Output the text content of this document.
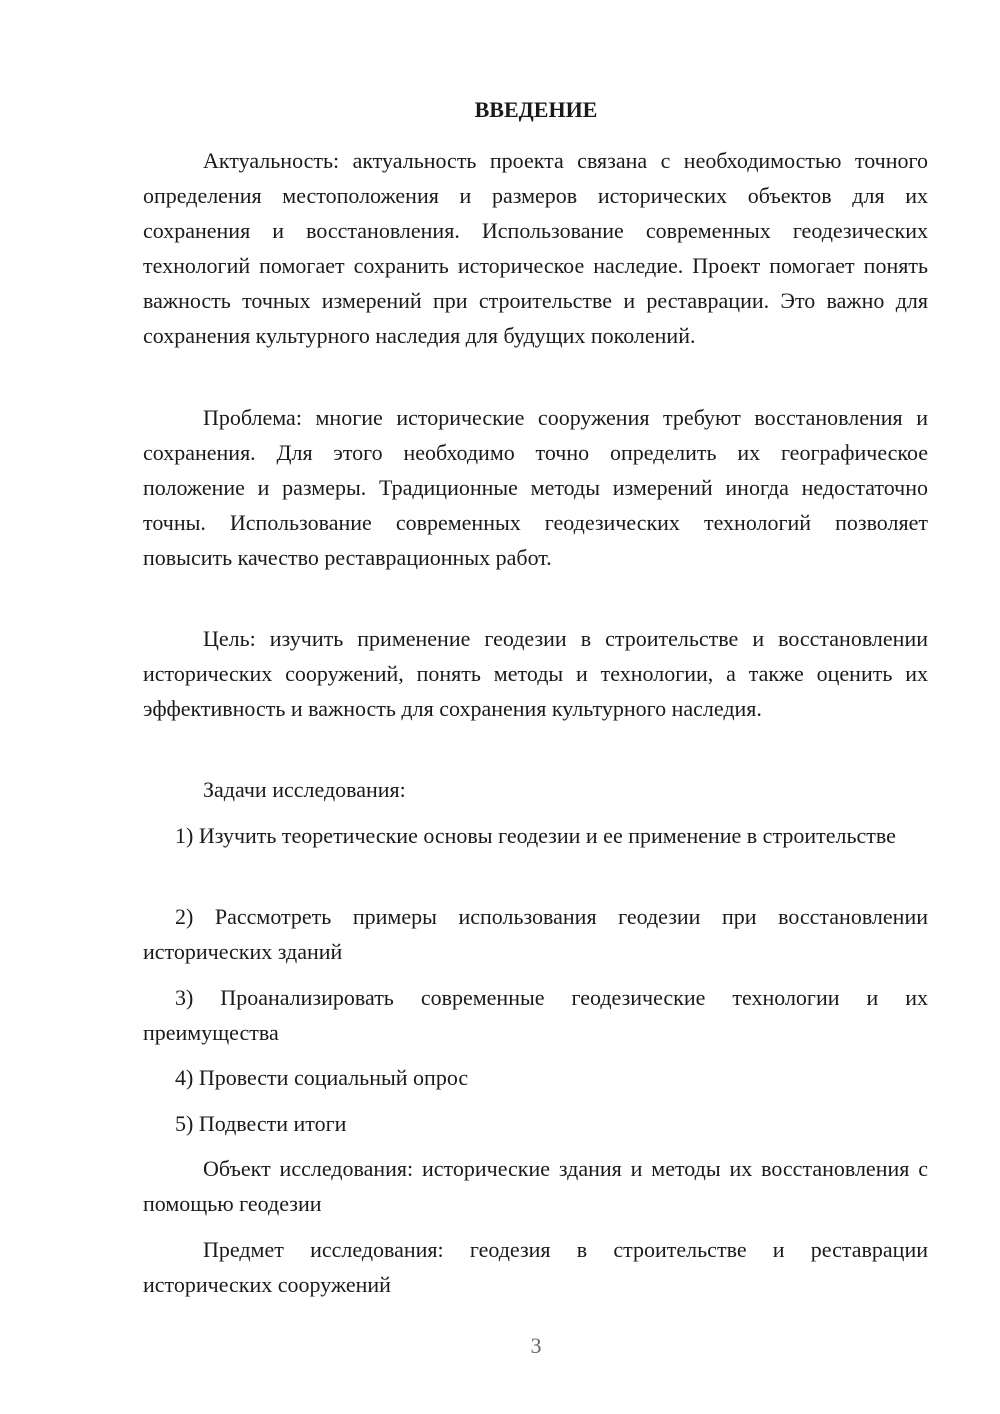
ВВЕДЕНИЕ

Актуальность: актуальность проекта связана с необходимостью точного определения местоположения и размеров исторических объектов для их сохранения и восстановления. Использование современных геодезических технологий помогает сохранить историческое наследие. Проект помогает понять важность точных измерений при строительстве и реставрации. Это важно для сохранения культурного наследия для будущих поколений.

Проблема: многие исторические сооружения требуют восстановления и сохранения. Для этого необходимо точно определить их географическое положение и размеры. Традиционные методы измерений иногда недостаточно точны. Использование современных геодезических технологий позволяет повысить качество реставрационных работ.

Цель: изучить применение геодезии в строительстве и восстановлении исторических сооружений, понять методы и технологии, а также оценить их эффективность и важность для сохранения культурного наследия.

Задачи исследования:

1) Изучить теоретические основы геодезии и ее применение в строительстве

2) Рассмотреть примеры использования геодезии при восстановлении исторических зданий

3) Проанализировать современные геодезические технологии и их преимущества

4) Провести социальный опрос

5) Подвести итоги

Объект исследования: исторические здания и методы их восстановления с помощью геодезии

Предмет исследования: геодезия в строительстве и реставрации исторических сооружений

3
